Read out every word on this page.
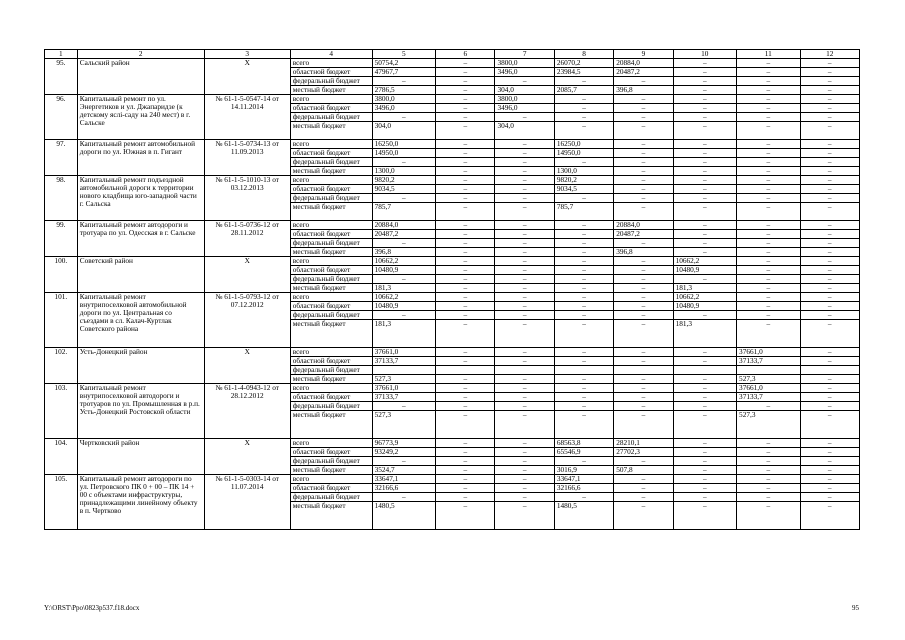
1	2	3	4	5	6	7	8	9	10	11	12
95.	Сальский район	Х	всего	50754,2	–	3800,0	26070,2	20884,0	–	–	–
			областной бюджет	47967,7	–	3496,0	23984,5	20487,2	–	–	–
			федеральный бюджет	–	–	–	–	–	–	–	–
			местный бюджет	2786,5	–	304,0	2085,7	396,8	–	–	–
96.	Капитальный ремонт по ул. Энергетиков и ул. Джапаридзе (к детскому яслі-саду на 240 мест) в г. Сальске	№ 61-1-5-0547-14 от 14.11.2014	всего	3800,0	–	3800,0	–	–	–	–	–
			областной бюджет	3496,0	–	3496,0	–	–	–	–	–
			федеральный бюджет	–	–	–	–	–	–	–	–
			местный бюджет	304,0	–	304,0	–	–	–	–	–
97.	Капитальный ремонт автомобильной дороги по ул. Южная в п. Гигант	№ 61-1-5-0734-13 от 11.09.2013	всего	16250,0	–	–	16250,0	–	–	–	–
			областной бюджет	14950,0	–	–	14950,0	–	–	–	–
			федеральный бюджет	–	–	–	–	–	–	–	–
			местный бюджет	1300,0	–	–	1300,0	–	–	–	–
98.	Капитальный ремонт подъездной автомобильной дороги к территории нового кладбища юго-западной части г. Сальска	№ 61-1-5-1010-13 от 03.12.2013	всего	9820,2	–	–	9820,2	–	–	–	–
			областной бюджет	9034,5	–	–	9034,5	–	–	–	–
			федеральный бюджет	–	–	–	–	–	–	–	–
			местный бюджет	785,7	–	–	785,7	–	–	–	–
99.	Капитальный ремонт автодороги и тротуара по ул. Одесская в г. Сальске	№ 61-1-5-0736-12 от 28.11.2012	всего	20884,0	–	–	–	20884,0	–	–	–
			областной бюджет	20487,2	–	–	–	20487,2	–	–	–
			федеральный бюджет	–	–	–	–	–	–	–	–
			местный бюджет	396,8	–	–	–	396,8	–	–	–
100.	Советский район	Х	всего	10662,2	–	–	–	–	10662,2	–	–
			областной бюджет	10480,9	–	–	–	–	10480,9	–	–
			федеральный бюджет	–	–	–	–	–	–	–	–
			местный бюджет	181,3	–	–	–	–	181,3	–	–
101.	Капитальный ремонт внутрипоселковой автомобильной дороги по ул. Центральная со съездами в сл. Калач-Куртлак Советского района	№ 61-1-5-0793-12 от 07.12.2012	всего	10662,2	–	–	–	–	10662,2	–	–
			областной бюджет	10480,9	–	–	–	–	10480,9	–	–
			федеральный бюджет	–	–	–	–	–	–	–	–
			местный бюджет	181,3	–	–	–	–	181,3	–	–
102.	Усть-Донецкий район	Х	всего	37661,0	–	–	–	–	–	37661,0	–
			областной бюджет	37133,7	–	–	–	–	–	37133,7	–
			федеральный бюджет								
			местный бюджет	527,3	–	–	–	–	–	527,3	–
103.	Капитальный ремонт внутрипоселковой автодороги и тротуаров по ул. Промышленная в р.п. Усть-Донецкий Ростовской области	№ 61-1-4-0943-12 от 28.12.2012	всего	37661,0	–	–	–	–	–	37661,0	–
			областной бюджет	37133,7	–	–	–	–	–	37133,7	–
			федеральный бюджет	–	–	–	–	–	–	–	–
			местный бюджет	527,3	–	–	–	–	–	527,3	–
104.	Чертковский район	Х	всего	96773,9	–	–	68563,8	28210,1	–	–	–
			областной бюджет	93249,2	–	–	65546,9	27702,3	–	–	–
			федеральный бюджет	–	–	–	–	–	–	–	–
			местный бюджет	3524,7	–	–	3016,9	507,8	–	–	–
105.	Капитальный ремонт автодороги по ул. Петровского ПК 0 + 00 – ПК 14 + 00 с объектами инфраструктуры, принадлежащими линейному объекту в п. Чертково	№ 61-1-5-0303-14 от 11.07.2014	всего	33647,1	–	–	33647,1	–	–	–	–
			областной бюджет	32166,6	–	–	32166,6	–	–	–	–
			федеральный бюджет	–	–	–	–	–	–	–	–
			местный бюджет	1480,5	–	–	1480,5	–	–	–	–
Y:\ORST\Ppo\0823p537.f18.docx	95
